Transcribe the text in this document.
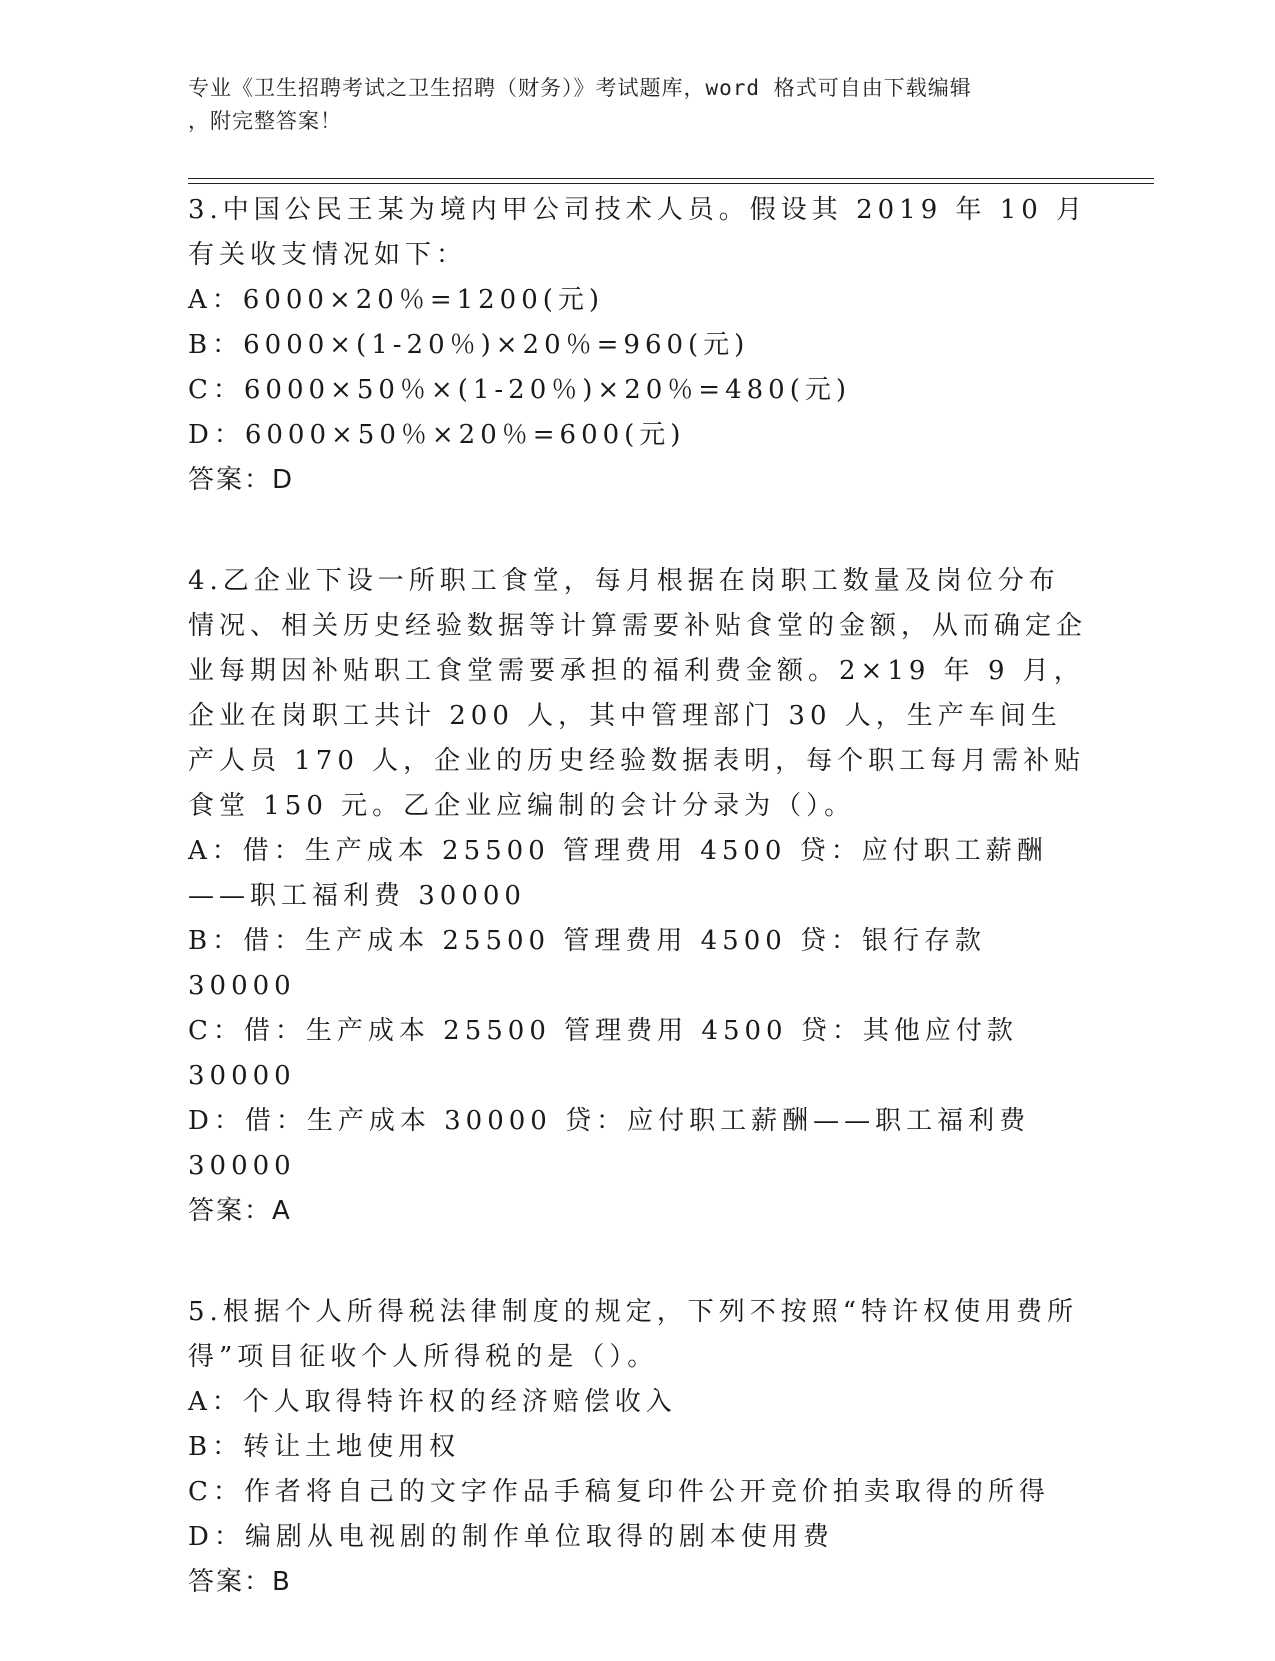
专业《卫生招聘考试之卫生招聘（财务）》考试题库，word 格式可自由下载编辑
，附完整答案！

3.中国公民王某为境内甲公司技术人员。假设其 2019 年 10 月有关收支情况如下：

A：6000×20％=1200(元)

B：6000×(1-20％)×20％=960(元)

C：6000×50％×(1-20％)×20％=480(元)

D：6000×50％×20％=600(元)

答案：D

4.乙企业下设一所职工食堂，每月根据在岗职工数量及岗位分布情况、相关历史经验数据等计算需要补贴食堂的金额，从而确定企业每期因补贴职工食堂需要承担的福利费金额。2×19 年 9 月，企业在岗职工共计 200 人，其中管理部门 30 人，生产车间生产人员 170 人，企业的历史经验数据表明，每个职工每月需补贴食堂 150 元。乙企业应编制的会计分录为（）。

A：借：生产成本 25500 管理费用 4500 贷：应付职工薪酬——职工福利费 30000

B：借：生产成本 25500 管理费用 4500 贷：银行存款 30000

C：借：生产成本 25500 管理费用 4500 贷：其他应付款 30000

D：借：生产成本 30000 贷：应付职工薪酬——职工福利费 30000

答案：A

5.根据个人所得税法律制度的规定，下列不按照“特许权使用费所得”项目征收个人所得税的是（）。

A：个人取得特许权的经济赔偿收入

B：转让土地使用权

C：作者将自己的文字作品手稿复印件公开竞价拍卖取得的所得

D：编剧从电视剧的制作单位取得的剧本使用费

答案：B
